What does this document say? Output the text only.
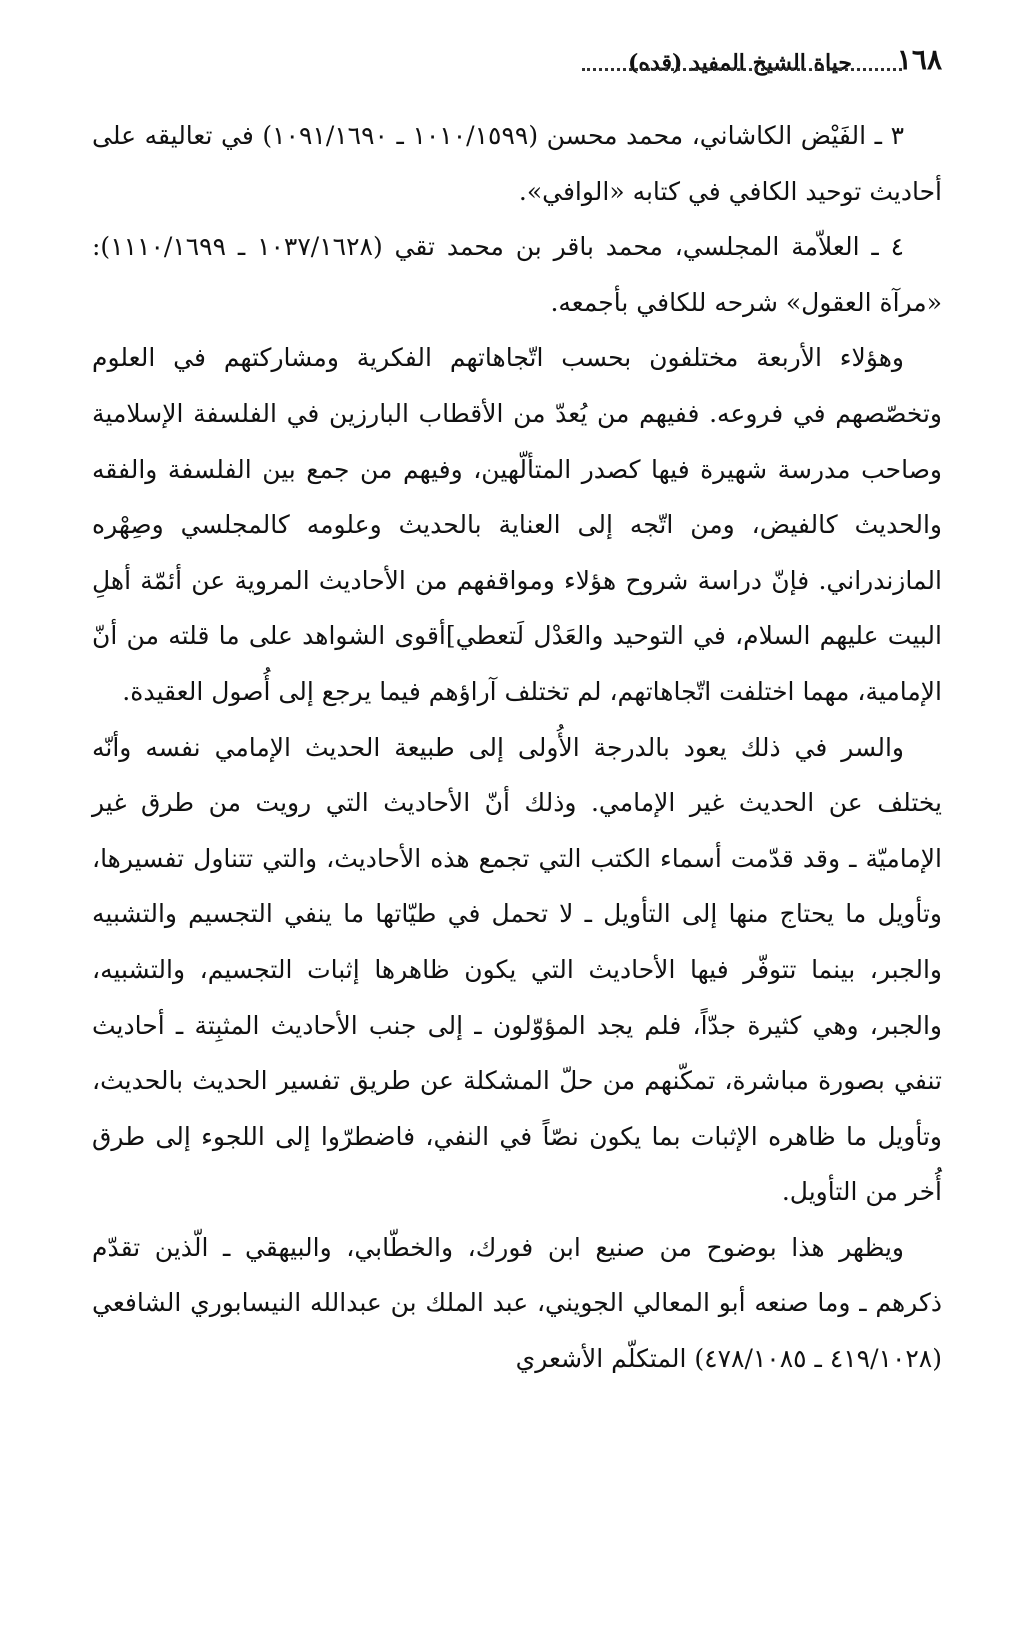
١٦٨
حياة الشيخ المفيد (قده)

٣ ـ الفَيْض الكاشاني، محمد محسن (١٠١٠/١٥٩٩ ـ ١٠٩١/١٦٩٠) في تعاليقه على أحاديث توحيد الكافي في كتابه «الوافي».

٤ ـ العلاّمة المجلسي، محمد باقر بن محمد تقي (١٠٣٧/١٦٢٨ ـ ١١١٠/١٦٩٩): «مرآة العقول» شرحه للكافي بأجمعه.

وهؤلاء الأربعة مختلفون بحسب اتّجاهاتهم الفكرية ومشاركتهم في العلوم وتخصّصهم في فروعه. ففيهم من يُعدّ من الأقطاب البارزين في الفلسفة الإسلامية وصاحب مدرسة شهيرة فيها كصدر المتألّهين، وفيهم من جمع بين الفلسفة والفقه والحديث كالفيض، ومن اتّجه إلى العناية بالحديث وعلومه كالمجلسي وصِهْره المازندراني. فإنّ دراسة شروح هؤلاء ومواقفهم من الأحاديث المروية عن أئمّة أهلِ البيت عليهم السلام، في التوحيد والعَدْل لَتعطي]أقوى الشواهد على ما قلته من أنّ الإمامية، مهما اختلفت اتّجاهاتهم، لم تختلف آراؤهم فيما يرجع إلى أُصول العقيدة.

والسر في ذلك يعود بالدرجة الأُولى إلى طبيعة الحديث الإمامي نفسه وأنّه يختلف عن الحديث غير الإمامي. وذلك أنّ الأحاديث التي رويت من طرق غير الإماميّة ـ وقد قدّمت أسماء الكتب التي تجمع هذه الأحاديث، والتي تتناول تفسيرها، وتأويل ما يحتاج منها إلى التأويل ـ لا تحمل في طيّاتها ما ينفي التجسيم والتشبيه والجبر، بينما تتوفّر فيها الأحاديث التي يكون ظاهرها إثبات التجسيم، والتشبيه، والجبر، وهي كثيرة جدّاً، فلم يجد المؤوّلون ـ إلى جنب الأحاديث المثبِتة ـ أحاديث تنفي بصورة مباشرة، تمكّنهم من حلّ المشكلة عن طريق تفسير الحديث بالحديث، وتأويل ما ظاهره الإثبات بما يكون نصّاً في النفي، فاضطرّوا إلى اللجوء إلى طرق أُخر من التأويل.

ويظهر هذا بوضوح من صنيع ابن فورك، والخطّابي، والبيهقي ـ الّذين تقدّم ذكرهم ـ وما صنعه أبو المعالي الجويني، عبد الملك بن عبدالله النيسابوري الشافعي (٤١٩/١٠٢٨ ـ ٤٧٨/١٠٨٥) المتكلّم الأشعري
